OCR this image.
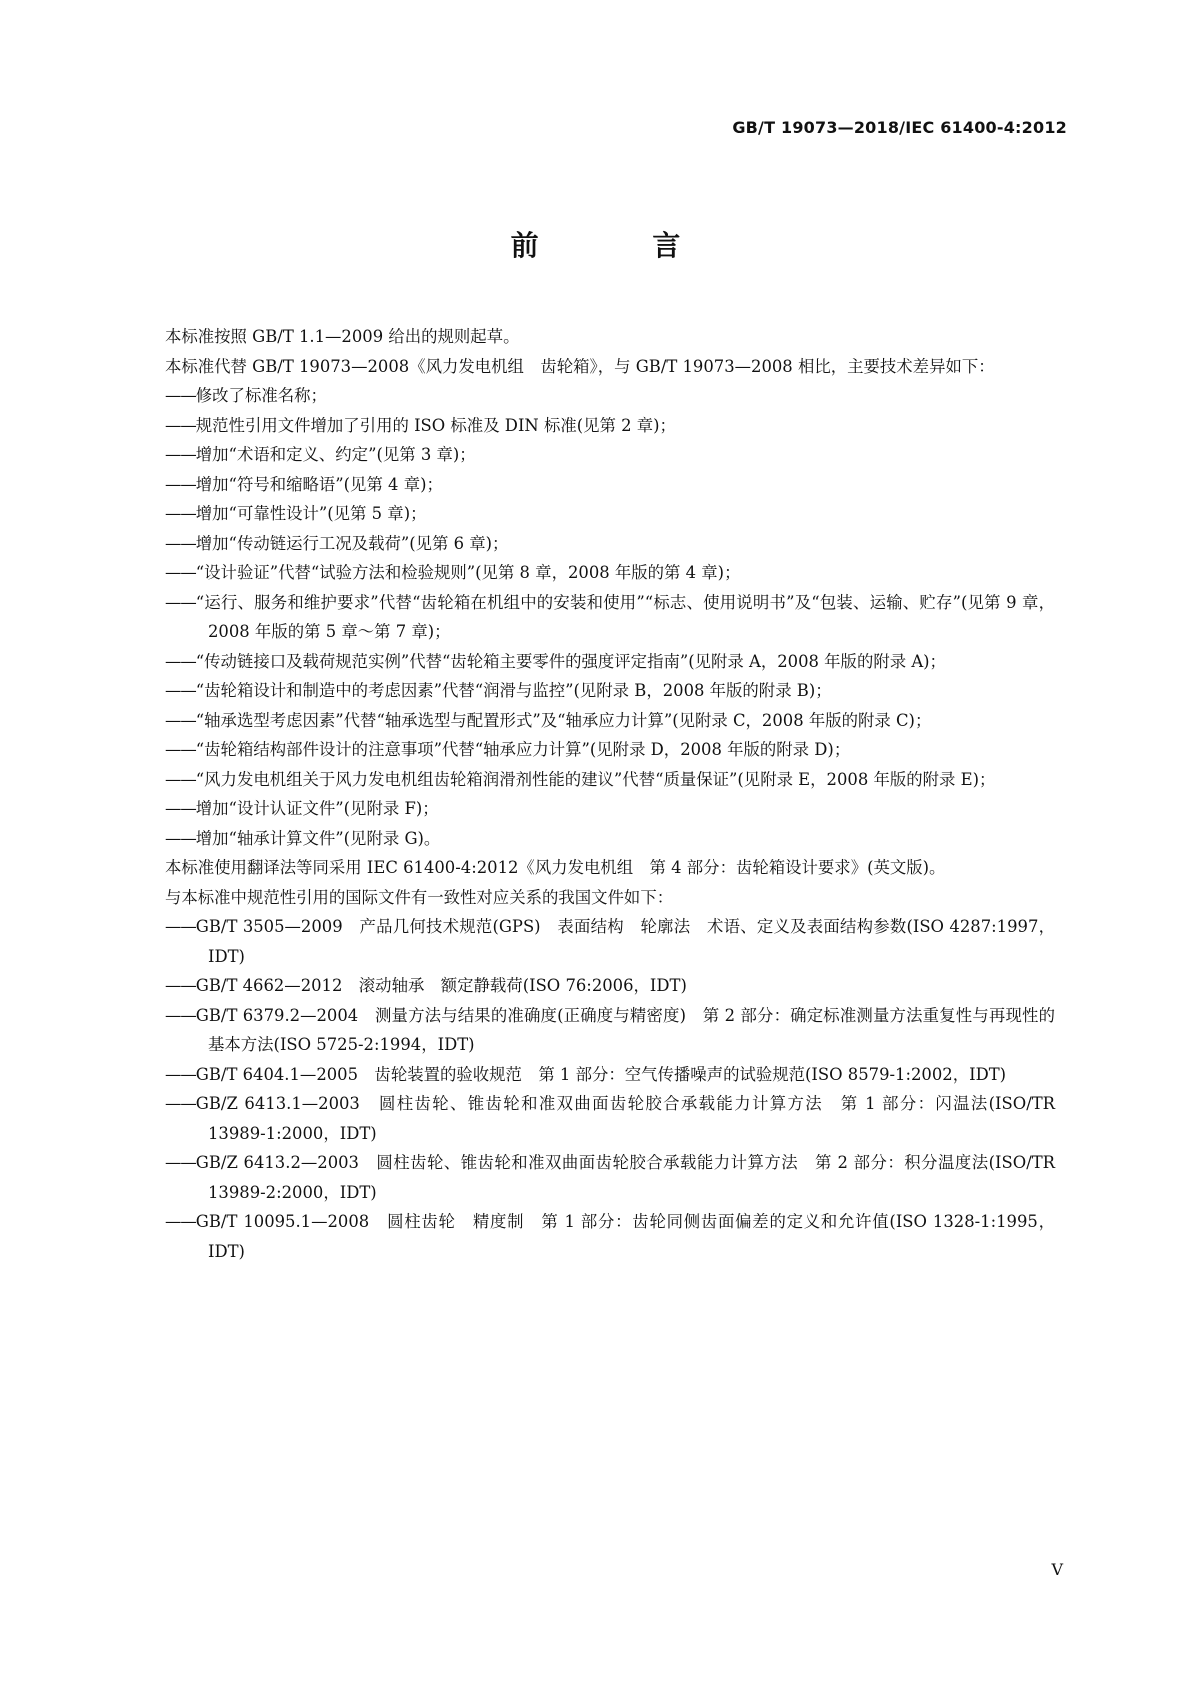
GB/T 19073—2018/IEC 61400-4:2012
前 言

本标准按照 GB/T 1.1—2009 给出的规则起草。

本标准代替 GB/T 19073—2008《风力发电机组　齿轮箱》，与 GB/T 19073—2008 相比，主要技术差异如下：

——修改了标准名称；

——规范性引用文件增加了引用的 ISO 标准及 DIN 标准(见第 2 章)；

——增加“术语和定义、约定”(见第 3 章)；

——增加“符号和缩略语”(见第 4 章)；

——增加“可靠性设计”(见第 5 章)；

——增加“传动链运行工况及载荷”(见第 6 章)；

——“设计验证”代替“试验方法和检验规则”(见第 8 章，2008 年版的第 4 章)；

——“运行、服务和维护要求”代替“齿轮箱在机组中的安装和使用”“标志、使用说明书”及“包装、运输、贮存”(见第 9 章，2008 年版的第 5 章～第 7 章)；

——“传动链接口及载荷规范实例”代替“齿轮箱主要零件的强度评定指南”(见附录 A，2008 年版的附录 A)；

——“齿轮箱设计和制造中的考虑因素”代替“润滑与监控”(见附录 B，2008 年版的附录 B)；

——“轴承选型考虑因素”代替“轴承选型与配置形式”及“轴承应力计算”(见附录 C，2008 年版的附录 C)；

——“齿轮箱结构部件设计的注意事项”代替“轴承应力计算”(见附录 D，2008 年版的附录 D)；

——“风力发电机组关于风力发电机组齿轮箱润滑剂性能的建议”代替“质量保证”(见附录 E，2008 年版的附录 E)；

——增加“设计认证文件”(见附录 F)；

——增加“轴承计算文件”(见附录 G)。

本标准使用翻译法等同采用 IEC 61400-4:2012《风力发电机组　第 4 部分：齿轮箱设计要求》(英文版)。

与本标准中规范性引用的国际文件有一致性对应关系的我国文件如下：

——GB/T 3505—2009　产品几何技术规范(GPS)　表面结构　轮廓法　术语、定义及表面结构参数(ISO 4287:1997，IDT)

——GB/T 4662—2012　滚动轴承　额定静载荷(ISO 76:2006，IDT)

——GB/T 6379.2—2004　测量方法与结果的准确度(正确度与精密度)　第 2 部分：确定标准测量方法重复性与再现性的基本方法(ISO 5725-2:1994，IDT)

——GB/T 6404.1—2005　齿轮装置的验收规范　第 1 部分：空气传播噪声的试验规范(ISO 8579-1:2002，IDT)

——GB/Z 6413.1—2003　圆柱齿轮、锥齿轮和准双曲面齿轮胶合承载能力计算方法　第 1 部分：闪温法(ISO/TR 13989-1:2000，IDT)

——GB/Z 6413.2—2003　圆柱齿轮、锥齿轮和准双曲面齿轮胶合承载能力计算方法　第 2 部分：积分温度法(ISO/TR 13989-2:2000，IDT)

——GB/T 10095.1—2008　圆柱齿轮　精度制　第 1 部分：齿轮同侧齿面偏差的定义和允许值(ISO 1328-1:1995，IDT)

V
